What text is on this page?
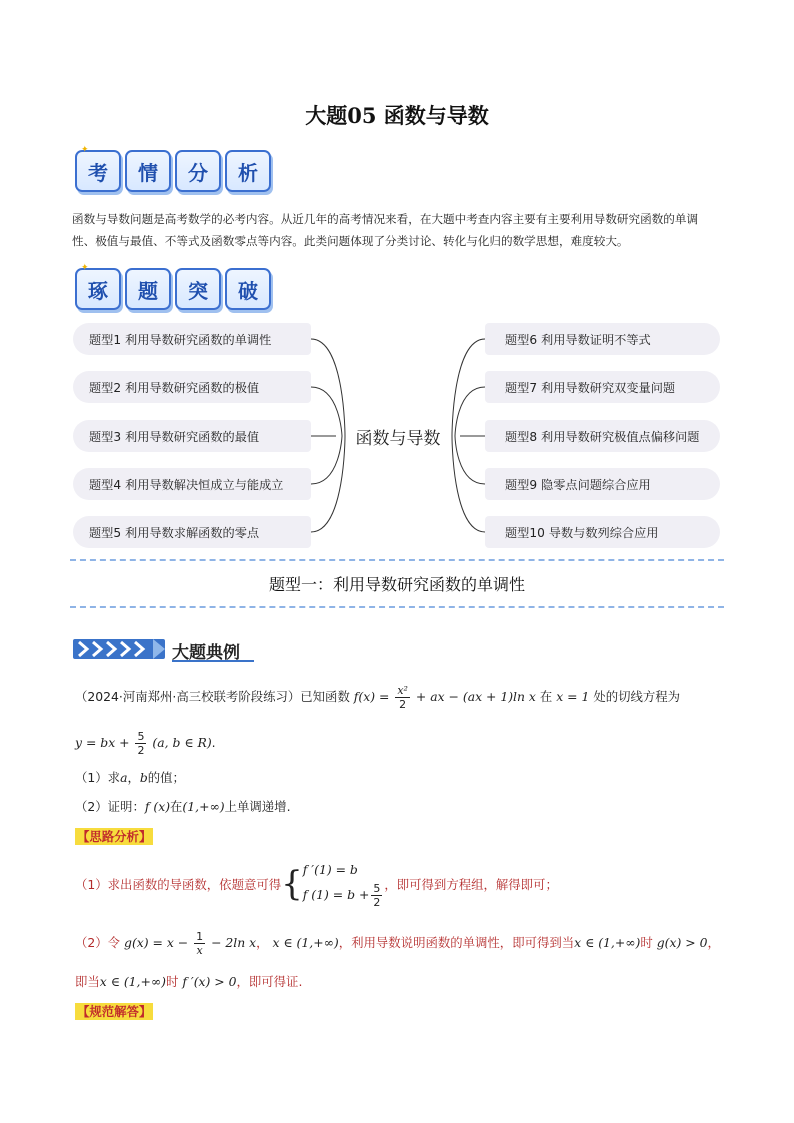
大题05 函数与导数
✦
考 情 分 析
函数与导数问题是高考数学的必考内容。从近几年的高考情况来看，在大题中考查内容主要有主要利用导数研究函数的单调
性、极值与最值、不等式及函数零点等内容。此类问题体现了分类讨论、转化与化归的数学思想，难度较大。
✦
琢 题 突 破
题型1 利用导数研究函数的单调性
题型2 利用导数研究函数的极值
题型3 利用导数研究函数的最值
题型4 利用导数解决恒成立与能成立
题型5 利用导数求解函数的零点
题型6 利用导数证明不等式
题型7 利用导数研究双变量问题
题型8 利用导数研究极值点偏移问题
题型9 隐零点问题综合应用
题型10 导数与数列综合应用
函数与导数
题型一：利用导数研究函数的单调性
大题典例
（2024·河南郑州·高三校联考阶段练习）已知函数 $f(x) = \frac{\text{x²}}{2}$ + ax − (ax + 1)ln x 在 x = 1 处的切线方程为
y = bx + $\frac{5}{2} (a$, b ∈ R).
（1）求a，b的值；
（2）证明：f (x)在(1,+∞)上单调递增.
【思路分析】
（1）求出函数的导函数，依题意可得 { f ′(1) = b
f $(1) = b + \frac{5}{2}$ ，即可得到方程组，解得即可；
（2）令 $g(x) = x - \frac{1}{x} - 2\ln$ x， x ∈ (1,+∞)，利用导数说明函数的单调性，即可得到当x ∈ (1,+∞)时 g(x) > 0，
即当x ∈ (1,+∞)时 f ′(x) > 0，即可得证.
【规范解答】
